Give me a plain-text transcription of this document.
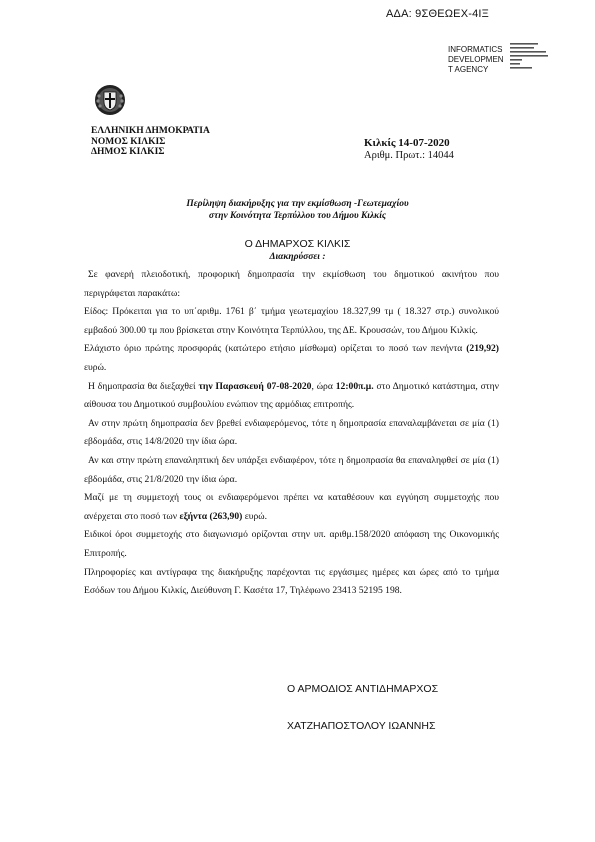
ΑΔΑ: 9ΣΘΕΩΕΧ-4ΙΞ
INFORMATICS
DEVELOPMEN
T AGENCY
ΕΛΛΗΝΙΚΗ ΔΗΜΟΚΡΑΤΙΑ
ΝΟΜΟΣ ΚΙΛΚΙΣ
ΔΗΜΟΣ ΚΙΛΚΙΣ
Κιλκίς 14-07-2020
Αριθμ. Πρωτ.: 14044
Περίληψη διακήρυξης για την εκμίσθωση -Γεωτεμαχίου
στην Κοινότητα Τερπύλλου του Δήμου Κιλκίς
Ο ΔΗΜΑΡΧΟΣ ΚΙΛΚΙΣ
Διακηρύσσει :

Σε φανερή πλειοδοτική, προφορική δημοπρασία την εκμίσθωση του δημοτικού ακινήτου που περιγράφεται παρακάτω:

Είδος: Πρόκειται για το υπ΄αριθμ. 1761 β΄ τμήμα γεωτεμαχίου 18.327,99 τμ ( 18.327 στρ.) συνολικού εμβαδού 300.00 τμ που βρίσκεται στην Κοινότητα Τερπύλλου, της ΔΕ. Κρουσσών, του Δήμου Κιλκίς.

Ελάχιστο όριο πρώτης προσφοράς (κατώτερο ετήσιο μίσθωμα) ορίζεται το ποσό των πενήντα (219,92) ευρώ.

Η δημοπρασία θα διεξαχθεί την Παρασκευή 07-08-2020, ώρα 12:00π.μ. στο Δημοτικό κατάστημα, στην αίθουσα του Δημοτικού συμβουλίου ενώπιον της αρμόδιας επιτροπής.

Αν στην πρώτη δημοπρασία δεν βρεθεί ενδιαφερόμενος, τότε η δημοπρασία επαναλαμβάνεται σε μία (1) εβδομάδα, στις 14/8/2020 την ίδια ώρα.

Αν και στην πρώτη επαναληπτική δεν υπάρξει ενδιαφέρον, τότε η δημοπρασία θα επαναληφθεί σε μία (1) εβδομάδα, στις 21/8/2020 την ίδια ώρα.

Μαζί με τη συμμετοχή τους οι ενδιαφερόμενοι πρέπει να καταθέσουν και εγγύηση συμμετοχής που ανέρχεται στο ποσό των εξήντα (263,90) ευρώ.

Ειδικοί όροι συμμετοχής στο διαγωνισμό ορίζονται στην υπ. αριθμ.158/2020 απόφαση της Οικονομικής Επιτροπής.

Πληροφορίες και αντίγραφα της διακήρυξης παρέχονται τις εργάσιμες ημέρες και ώρες από το τμήμα Εσόδων του Δήμου Κιλκίς, Διεύθυνση Γ. Κασέτα 17, Τηλέφωνο 23413 52195 198.

Ο ΑΡΜΟΔΙΟΣ ΑΝΤΙΔΗΜΑΡΧΟΣ
ΧΑΤΖΗΑΠΟΣΤΟΛΟΥ ΙΩΑΝΝΗΣ
